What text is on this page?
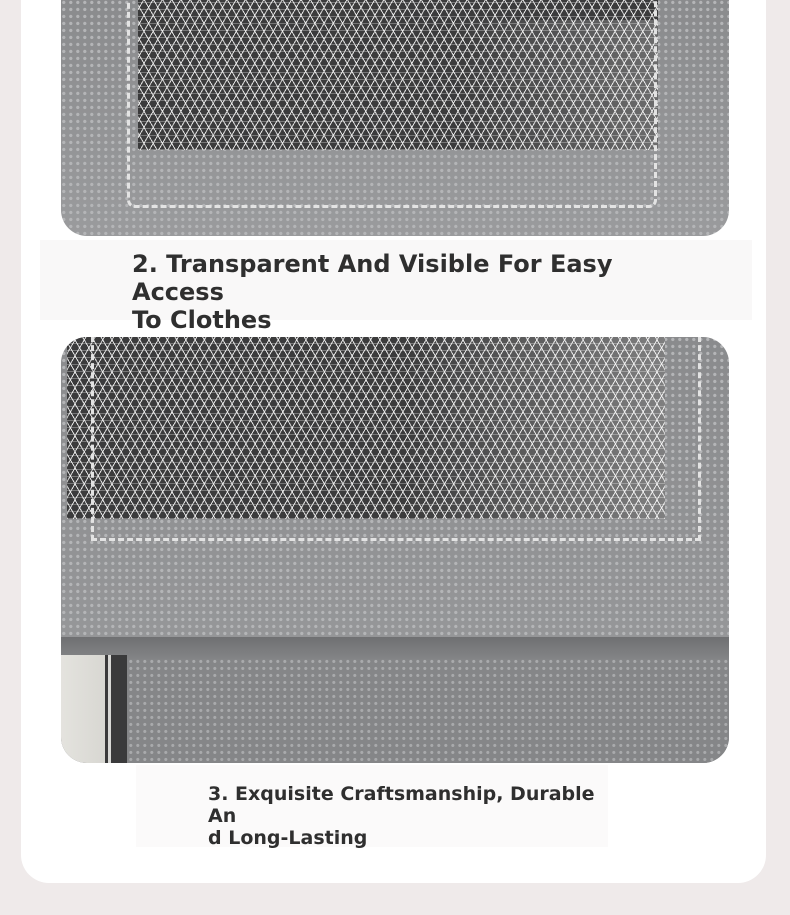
2. Transparent And Visible For Easy Access
To Clothes

3. Exquisite Craftsmanship, Durable An
d Long-Lasting
